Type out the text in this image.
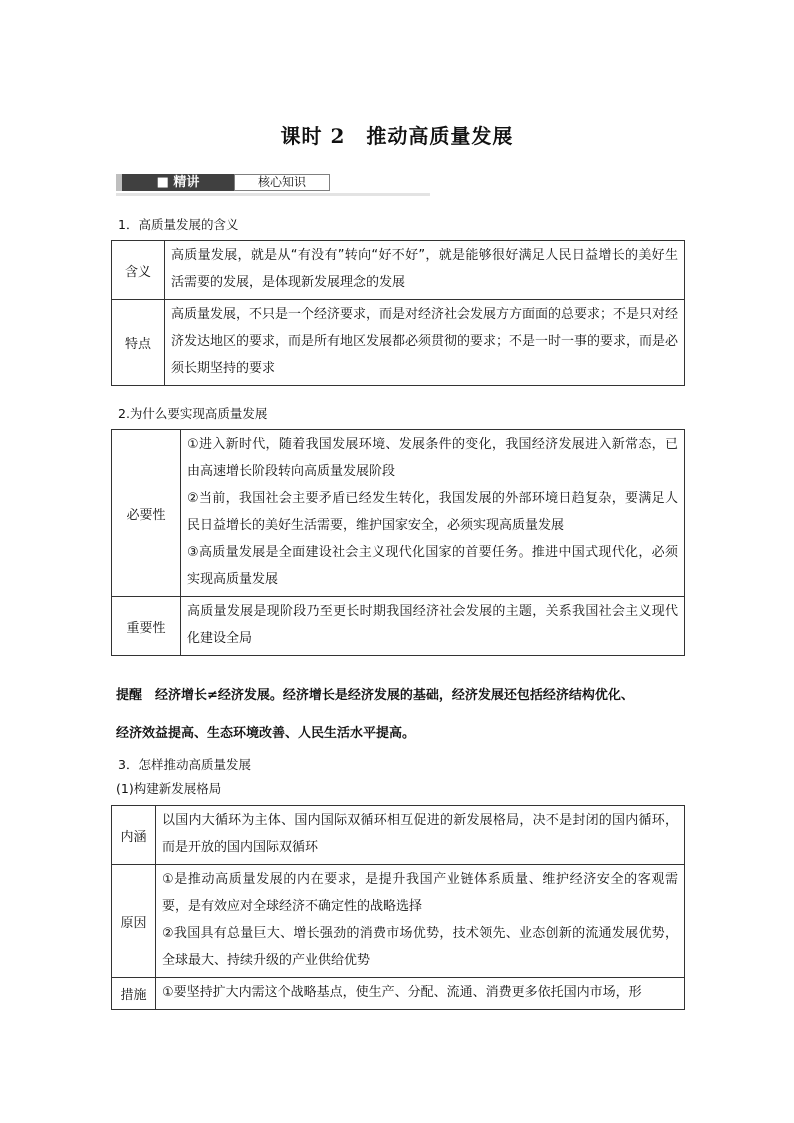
课时 2　推动高质量发展
■ 精讲	核心知识
1．高质量发展的含义
含义	高质量发展，就是从“有没有”转向“好不好”，就是能够很好满足人民日益增长的美好生活需要的发展，是体现新发展理念的发展
特点	高质量发展，不只是一个经济要求，而是对经济社会发展方方面面的总要求；不是只对经济发达地区的要求，而是所有地区发展都必须贯彻的要求；不是一时一事的要求，而是必须长期坚持的要求
2.为什么要实现高质量发展
必要性	①进入新时代，随着我国发展环境、发展条件的变化，我国经济发展进入新常态，已由高速增长阶段转向高质量发展阶段

②当前，我国社会主要矛盾已经发生转化，我国发展的外部环境日趋复杂，要满足人民日益增长的美好生活需要，维护国家安全，必须实现高质量发展

③高质量发展是全面建设社会主义现代化国家的首要任务。推进中国式现代化，必须实现高质量发展

重要性	高质量发展是现阶段乃至更长时期我国经济社会发展的主题，关系我国社会主义现代化建设全局

提醒　经济增长≠经济发展。经济增长是经济发展的基础，经济发展还包括经济结构优化、
经济效益提高、生态环境改善、人民生活水平提高。
3．怎样推动高质量发展
(1)构建新发展格局
内涵	以国内大循环为主体、国内国际双循环相互促进的新发展格局，决不是封闭的国内循环，而是开放的国内国际双循环

原因	①是推动高质量发展的内在要求，是提升我国产业链体系质量、维护经济安全的客观需要，是有效应对全球经济不确定性的战略选择

②我国具有总量巨大、增长强劲的消费市场优势，技术领先、业态创新的流通发展优势，全球最大、持续升级的产业供给优势

措施	①要坚持扩大内需这个战略基点，使生产、分配、流通、消费更多依托国内市场，形
